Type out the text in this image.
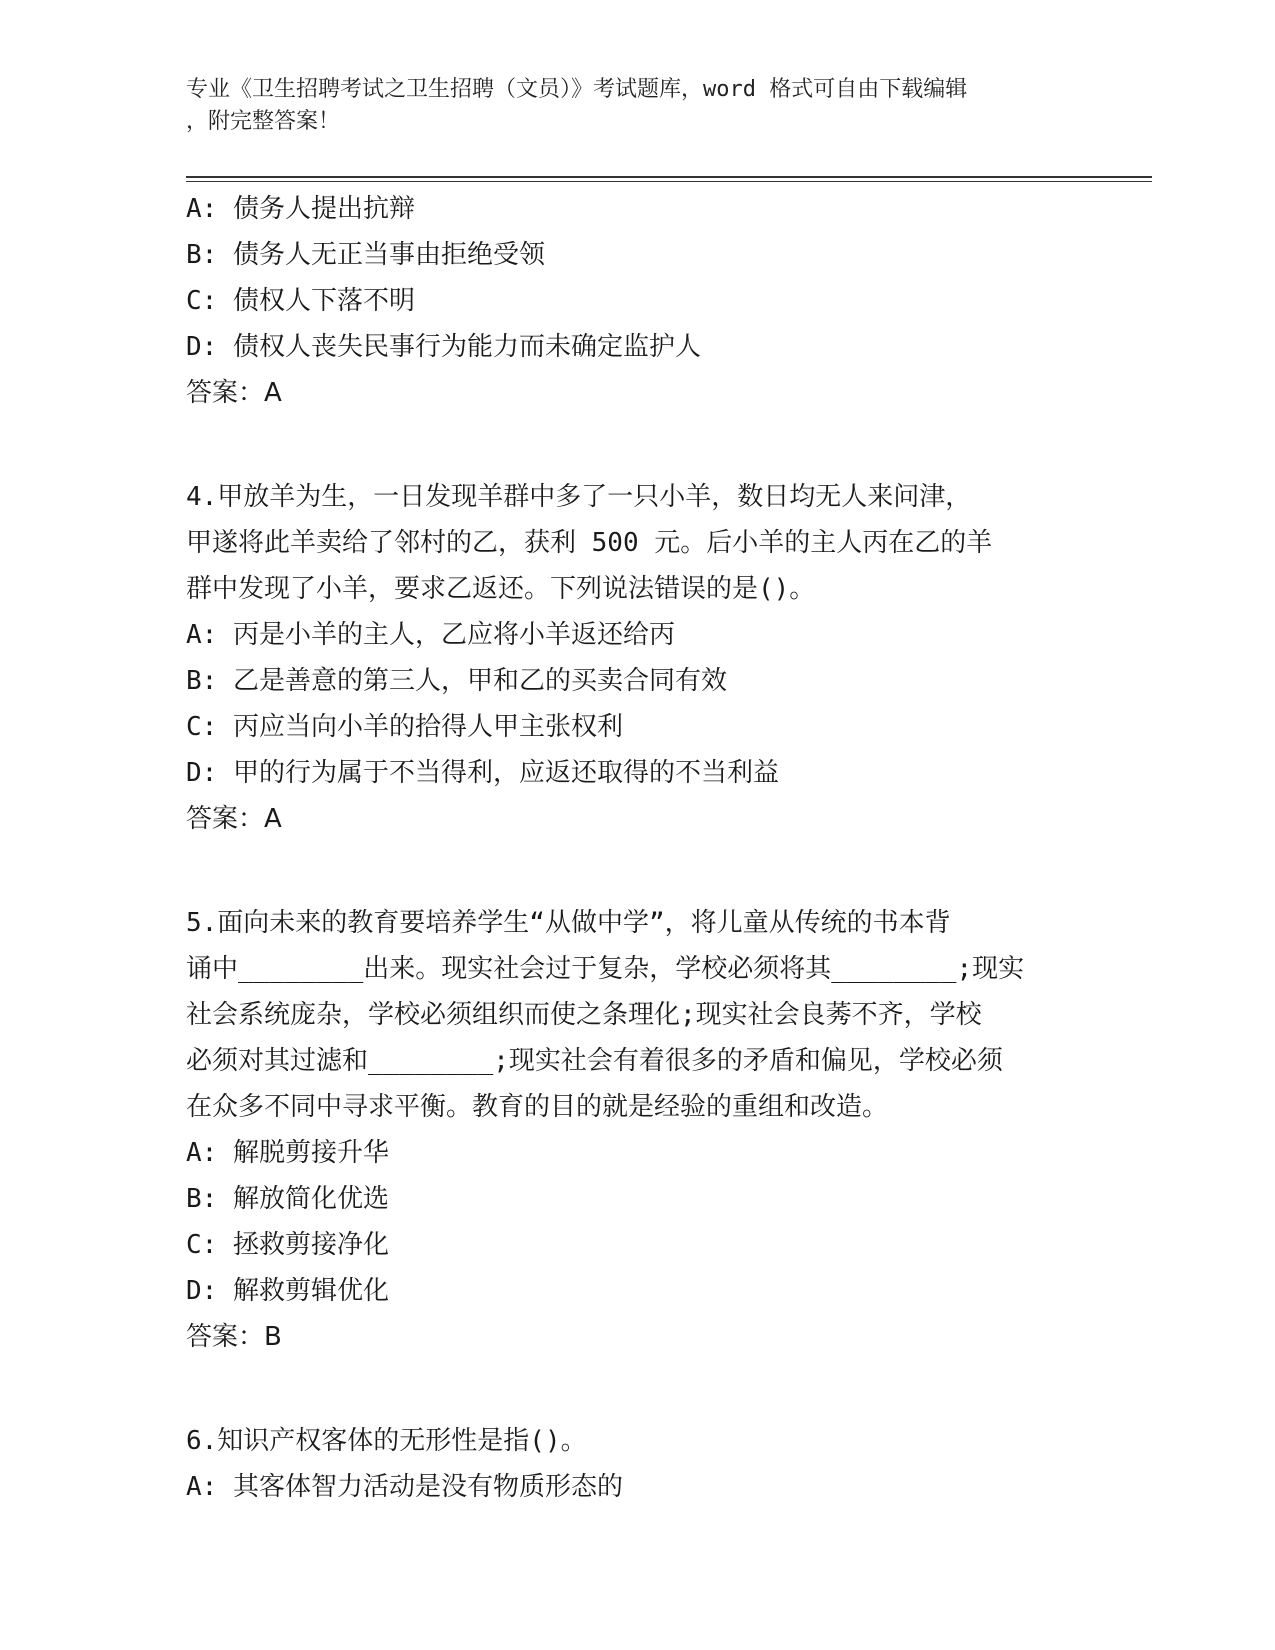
专业《卫生招聘考试之卫生招聘（文员）》考试题库，word 格式可自由下载编辑
，附完整答案！
A: 债务人提出抗辩
B: 债务人无正当事由拒绝受领
C: 债权人下落不明
D: 债权人丧失民事行为能力而未确定监护人
答案：A
4.甲放羊为生，一日发现羊群中多了一只小羊，数日均无人来问津，
甲遂将此羊卖给了邻村的乙，获利 500 元。后小羊的主人丙在乙的羊
群中发现了小羊，要求乙返还。下列说法错误的是()。
A: 丙是小羊的主人，乙应将小羊返还给丙
B: 乙是善意的第三人，甲和乙的买卖合同有效
C: 丙应当向小羊的拾得人甲主张权利
D: 甲的行为属于不当得利，应返还取得的不当利益
答案：A
5.面向未来的教育要培养学生“从做中学”，将儿童从传统的书本背
诵中________出来。现实社会过于复杂，学校必须将其________;现实
社会系统庞杂，学校必须组织而使之条理化;现实社会良莠不齐，学校
必须对其过滤和________;现实社会有着很多的矛盾和偏见，学校必须
在众多不同中寻求平衡。教育的目的就是经验的重组和改造。
A: 解脱剪接升华
B: 解放简化优选
C: 拯救剪接净化
D: 解救剪辑优化
答案：B
6.知识产权客体的无形性是指()。
A: 其客体智力活动是没有物质形态的
